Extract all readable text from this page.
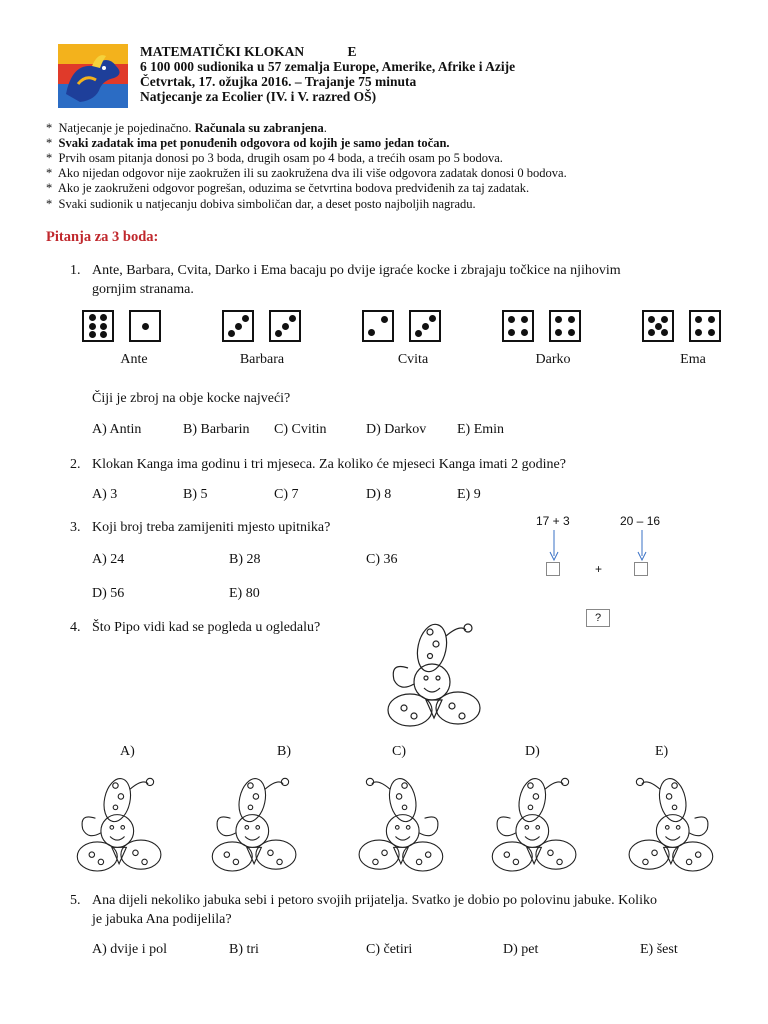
MATEMATIČKI KLOKAN	E
6 100 000 sudionika u 57 zemalja Europe, Amerike, Afrike i Azije
Četvrtak, 17. ožujka 2016. – Trajanje 75 minuta
Natjecanje za Ecolier (IV. i V. razred OŠ)
* Natjecanje je pojedinačno. Računala su zabranjena.
* Svaki zadatak ima pet ponuđenih odgovora od kojih je samo jedan točan.
* Prvih osam pitanja donosi po 3 boda, drugih osam po 4 boda, a trećih osam po 5 bodova.
* Ako nijedan odgovor nije zaokružen ili su zaokružena dva ili više odgovora zadatak donosi 0 bodova.
* Ako je zaokruženi odgovor pogrešan, oduzima se četvrtina bodova predviđenih za taj zadatak.
* Svaki sudionik u natjecanju dobiva simboličan dar, a deset posto najboljih nagradu.
Pitanja za 3 boda:
1. Ante, Barbara, Cvita, Darko i Ema bacaju po dvije igraće kocke i zbrajaju točkice na njihovim
gornjim stranama.
Ante	Barbara	Cvita	Darko	Ema
Čiji je zbroj na obje kocke najveći?
A) Antin	B) Barbarin C) Cvitin	D) Darkov E) Emin
2. Klokan Kanga ima godinu i tri mjeseca. Za koliko će mjeseci Kanga imati 2 godine?
A) 3	B) 5	C) 7	D) 8	E) 9
3. Koji broj treba zamijeniti mjesto upitnika?
A) 24	B) 28	C) 36
D) 56	E) 80
17 + 3	20 – 16
+
?
4. Što Pipo vidi kad se pogleda u ogledalu?
A)	B)	C)	D)	E)
5. Ana dijeli nekoliko jabuka sebi i petoro svojih prijatelja. Svatko je dobio po polovinu jabuke. Koliko
je jabuka Ana podijelila?
A) dvije i pol	B) tri	C) četiri	D) pet	E) šest
